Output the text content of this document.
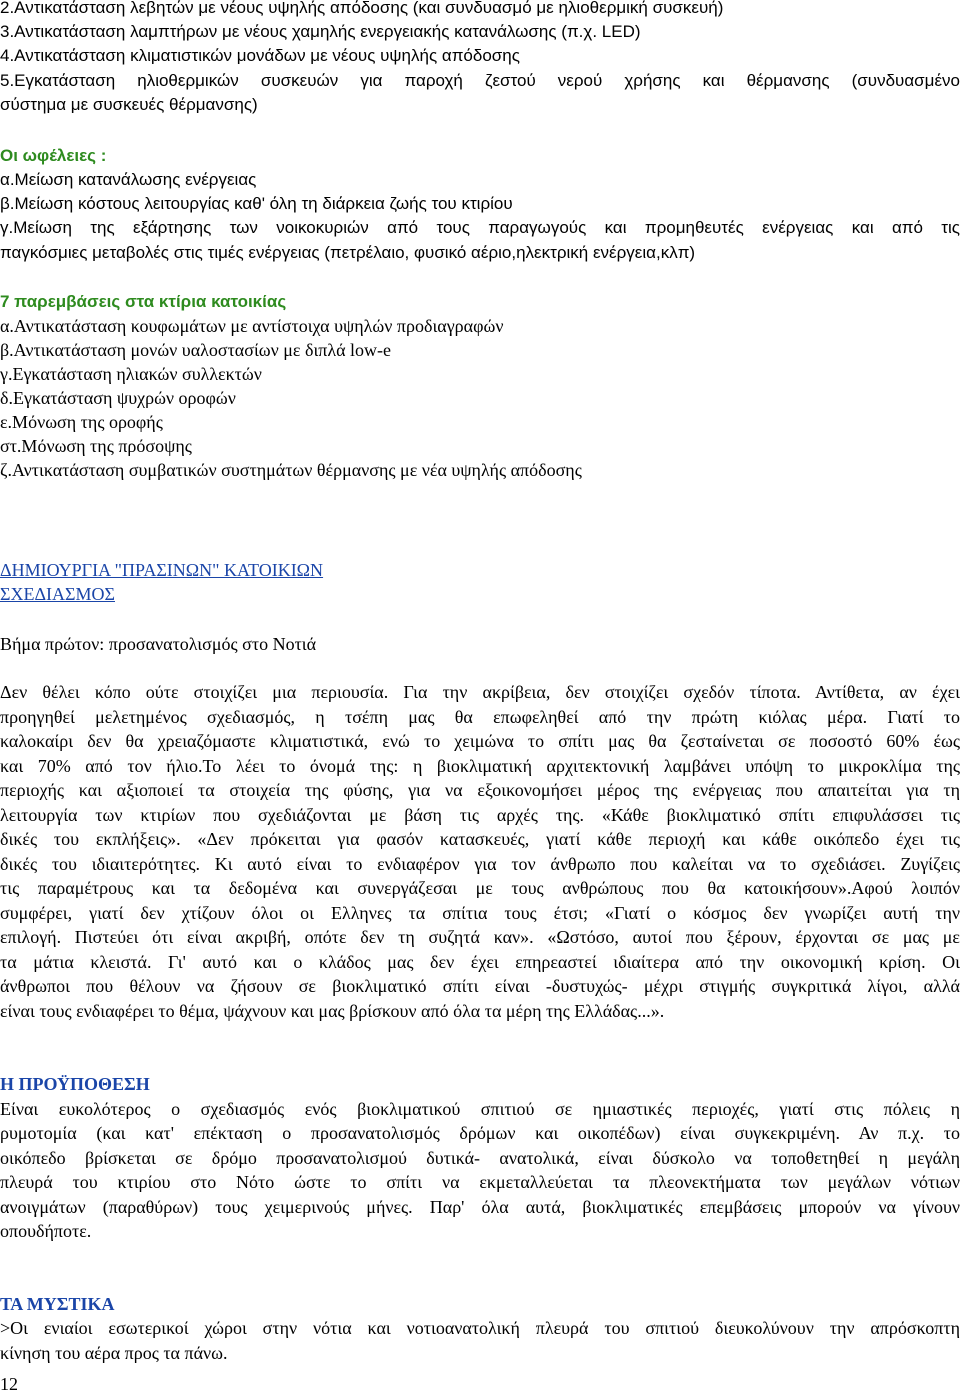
2.Αντικατάσταση λεβητών με νέους υψηλής απόδοσης (και συνδυασμό με ηλιοθερμική συσκευή)
3.Αντικατάσταση λαμπτήρων με νέους χαμηλής ενεργειακής κατανάλωσης (π.χ. LED)
4.Αντικατάσταση κλιματιστικών μονάδων με νέους υψηλής απόδοσης
5.Εγκατάσταση ηλιοθερμικών συσκευών για παροχή ζεστού νερού χρήσης και θέρμανσης (συνδυασμένο
σύστημα με συσκευές θέρμανσης)
Οι ωφέλειες :
α.Μείωση κατανάλωσης ενέργειας
β.Μείωση κόστους λειτουργίας καθ' όλη τη διάρκεια ζωής του κτιρίου
γ.Μείωση της εξάρτησης των νοικοκυριών από τους παραγωγούς και προμηθευτές ενέργειας και από τις
παγκόσμιες μεταβολές στις τιμές ενέργειας (πετρέλαιο, φυσικό αέριο,ηλεκτρική ενέργεια,κλπ)
7 παρεμβάσεις στα κτίρια κατοικίας
α.Αντικατάσταση κουφωμάτων με αντίστοιχα υψηλών προδιαγραφών
β.Αντικατάσταση μονών υαλοστασίων με διπλά low-e
γ.Εγκατάσταση ηλιακών συλλεκτών
δ.Εγκατάσταση ψυχρών οροφών
ε.Μόνωση της οροφής
στ.Μόνωση της πρόσοψης
ζ.Αντικατάσταση συμβατικών συστημάτων θέρμανσης με νέα υψηλής απόδοσης
ΔΗΜΙΟΥΡΓΙΑ "ΠΡΑΣΙΝΩΝ" ΚΑΤΟΙΚΙΩΝ
ΣΧΕΔΙΑΣΜΟΣ
Βήμα πρώτον: προσανατολισμός στο Νοτιά
Δεν θέλει κόπο ούτε στοιχίζει μια περιουσία. Για την ακρίβεια, δεν στοιχίζει σχεδόν τίποτα. Αντίθετα, αν έχει
προηγηθεί μελετημένος σχεδιασμός, η τσέπη μας θα επωφεληθεί από την πρώτη κιόλας μέρα. Γιατί το
καλοκαίρι δεν θα χρειαζόμαστε κλιματιστικά, ενώ το χειμώνα το σπίτι μας θα ζεσταίνεται σε ποσοστό 60% έως
και 70% από τον ήλιο.Το λέει το όνομά της: η βιοκλιματική αρχιτεκτονική λαμβάνει υπόψη το μικροκλίμα της
περιοχής και αξιοποιεί τα στοιχεία της φύσης, για να εξοικονομήσει μέρος της ενέργειας που απαιτείται για τη
λειτουργία των κτιρίων που σχεδιάζονται με βάση τις αρχές της. «Κάθε βιοκλιματικό σπίτι επιφυλάσσει τις
δικές του εκπλήξεις». «Δεν πρόκειται για φασόν κατασκευές, γιατί κάθε περιοχή και κάθε οικόπεδο έχει τις
δικές του ιδιαιτερότητες. Κι αυτό είναι το ενδιαφέρον για τον άνθρωπο που καλείται να το σχεδιάσει. Ζυγίζεις
τις παραμέτρους και τα δεδομένα και συνεργάζεσαι με τους ανθρώπους που θα κατοικήσουν».Αφού λοιπόν
συμφέρει, γιατί δεν χτίζουν όλοι οι Ελληνες τα σπίτια τους έτσι; «Γιατί ο κόσμος δεν γνωρίζει αυτή την
επιλογή. Πιστεύει ότι είναι ακριβή, οπότε δεν τη συζητά καν». «Ωστόσο, αυτοί που ξέρουν, έρχονται σε μας με
τα μάτια κλειστά. Γι' αυτό και ο κλάδος μας δεν έχει επηρεαστεί ιδιαίτερα από την οικονομική κρίση. Οι
άνθρωποι που θέλουν να ζήσουν σε βιοκλιματικό σπίτι είναι -δυστυχώς- μέχρι στιγμής συγκριτικά λίγοι, αλλά
είναι τους ενδιαφέρει το θέμα, ψάχνουν και μας βρίσκουν από όλα τα μέρη της Ελλάδας...».
Η ΠΡΟΫΠΟΘΕΣΗ
Είναι ευκολότερος ο σχεδιασμός ενός βιοκλιματικού σπιτιού σε ημιαστικές περιοχές, γιατί στις πόλεις η
ρυμοτομία (και κατ' επέκταση ο προσανατολισμός δρόμων και οικοπέδων) είναι συγκεκριμένη. Αν π.χ. το
οικόπεδο βρίσκεται σε δρόμο προσανατολισμού δυτικά- ανατολικά, είναι δύσκολο να τοποθετηθεί η μεγάλη
πλευρά του κτιρίου στο Νότο ώστε το σπίτι να εκμεταλλεύεται τα πλεονεκτήματα των μεγάλων νότιων
ανοιγμάτων (παραθύρων) τους χειμερινούς μήνες. Παρ' όλα αυτά, βιοκλιματικές επεμβάσεις μπορούν να γίνουν
οπουδήποτε.
ΤΑ ΜΥΣΤΙΚΑ
>Οι ενιαίοι εσωτερικοί χώροι στην νότια και νοτιοανατολική πλευρά του σπιτιού διευκολύνουν την απρόσκοπτη
κίνηση του αέρα προς τα πάνω.
12
